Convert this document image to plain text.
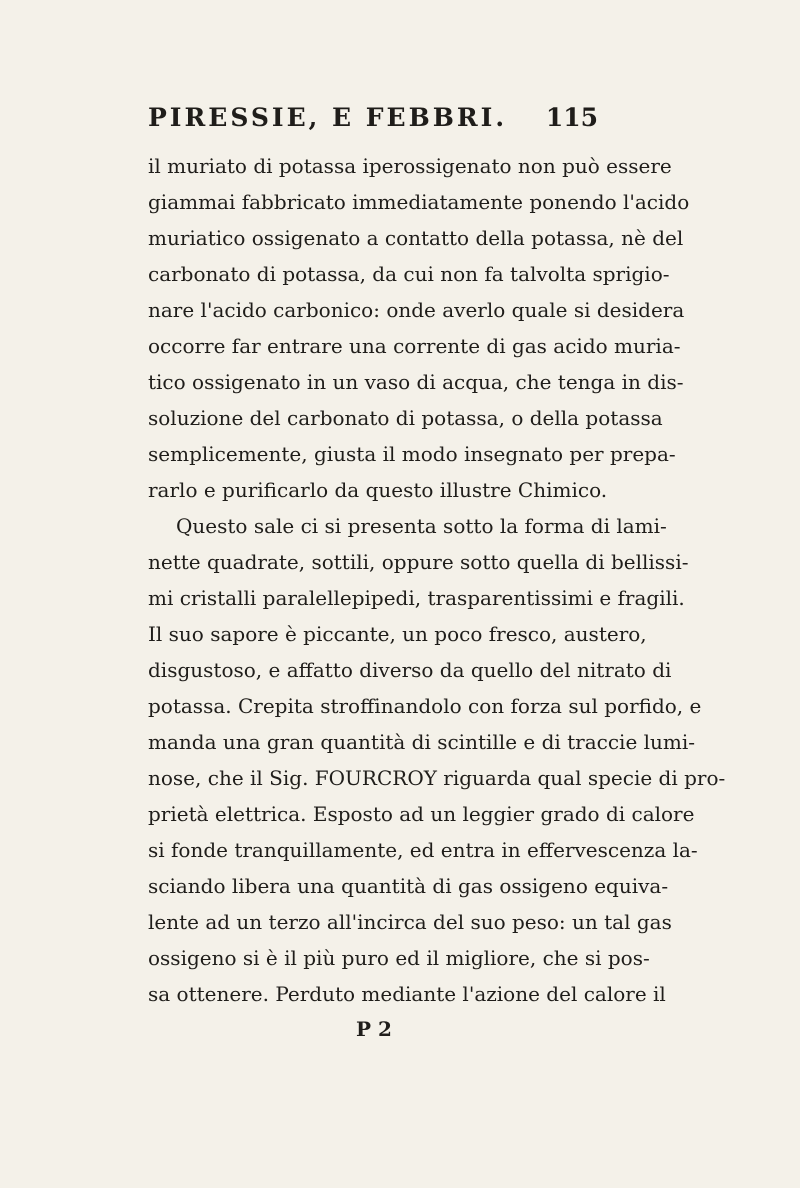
PIRESSIE, E FEBBRI. 115
il muriato di potassa iperossigenato non può essere
giammai fabbricato immediatamente ponendo l'acido
muriatico ossigenato a contatto della potassa, nè del
carbonato di potassa, da cui non fa talvolta sprigio-
nare l'acido carbonico: onde averlo quale si desidera
occorre far entrare una corrente di gas acido muria-
tico ossigenato in un vaso di acqua, che tenga in dis-
soluzione del carbonato di potassa, o della potassa
semplicemente, giusta il modo insegnato per prepa-
rarlo e purificarlo da questo illustre Chimico.
Questo sale ci si presenta sotto la forma di lami-
nette quadrate, sottili, oppure sotto quella di bellissi-
mi cristalli paralellepipedi, trasparentissimi e fragili.
Il suo sapore è piccante, un poco fresco, austero,
disgustoso, e affatto diverso da quello del nitrato di
potassa. Crepita stroffinandolo con forza sul porfido, e
manda una gran quantità di scintille e di traccie lumi-
nose, che il Sig. FOURCROY riguarda qual specie di pro-
prietà elettrica. Esposto ad un leggier grado di calore
si fonde tranquillamente, ed entra in effervescenza la-
sciando libera una quantità di gas ossigeno equiva-
lente ad un terzo all'incirca del suo peso: un tal gas
ossigeno si è il più puro ed il migliore, che si pos-
sa ottenere. Perduto mediante l'azione del calore il
P 2
